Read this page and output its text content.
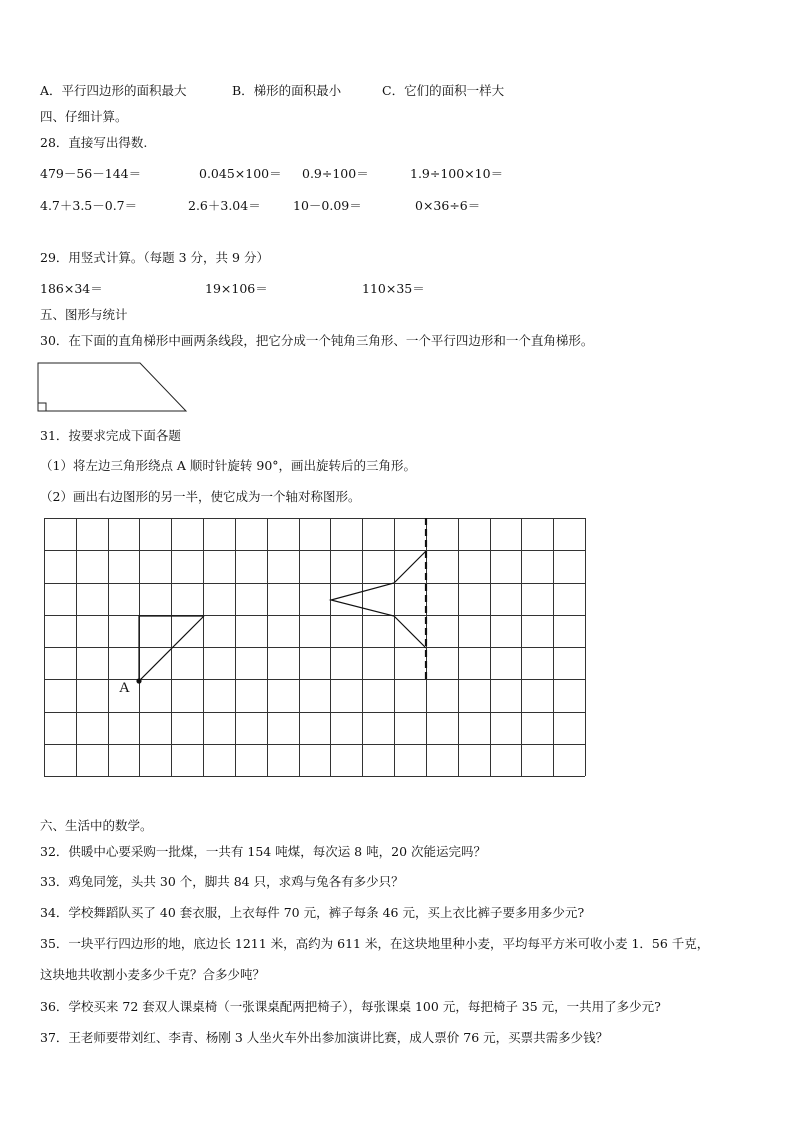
A．平行四边形的面积最大	B．梯形的面积最小	C．它们的面积一样大
四、仔细计算。
28．直接写出得数.
479－56－144＝	0.045×100＝ 0.9÷100＝	1.9÷100×10＝
4.7＋3.5－0.7＝	2.6＋3.04＝	10－0.09＝	0×36÷6＝
29．用竖式计算。（每题 3 分，共 9 分）
186×34＝	19×106＝	110×35＝
五、图形与统计
30．在下面的直角梯形中画两条线段，把它分成一个钝角三角形、一个平行四边形和一个直角梯形。
31．按要求完成下面各题
（1）将左边三角形绕点 A 顺时针旋转 90°，画出旋转后的三角形。
（2）画出右边图形的另一半，使它成为一个轴对称图形。
A
六、生活中的数学。
32．供暖中心要采购一批煤，一共有 154 吨煤，每次运 8 吨，20 次能运完吗？
33．鸡兔同笼，头共 30 个，脚共 84 只，求鸡与兔各有多少只？
34．学校舞蹈队买了 40 套衣服，上衣每件 70 元，裤子每条 46 元，买上衣比裤子要多用多少元?
35．一块平行四边形的地，底边长 1211 米，高约为 611 米，在这块地里种小麦，平均每平方米可收小麦 1．56 千克，
这块地共收割小麦多少千克？合多少吨？
36．学校买来 72 套双人课桌椅（一张课桌配两把椅子），每张课桌 100 元，每把椅子 35 元，一共用了多少元?
37．王老师要带刘红、李青、杨刚 3 人坐火车外出参加演讲比赛，成人票价 76 元，买票共需多少钱？
